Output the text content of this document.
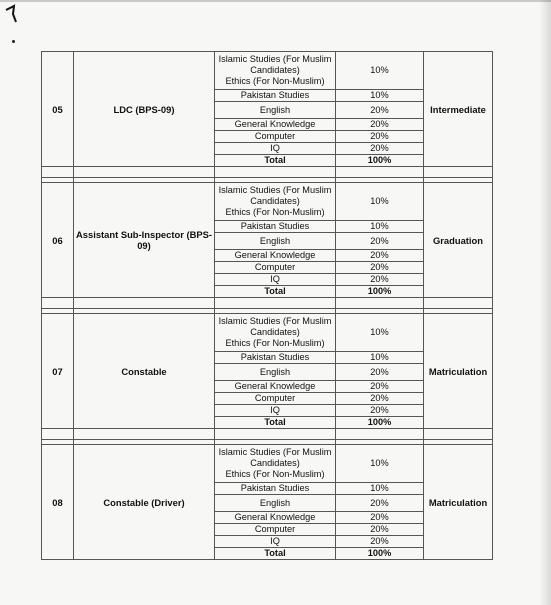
05	LDC (BPS-09)	Islamic Studies (For Muslim Candidates)
Ethics (For Non-Muslim)	10%	Intermediate
		Pakistan Studies	10%	
		English	20%	
		General Knowledge	20%	
		Computer	20%	
		IQ	20%	
		Total	100%	

06	Assistant Sub-Inspector (BPS-09)	Islamic Studies (For Muslim Candidates)
Ethics (For Non-Muslim)	10%	Graduation
		Pakistan Studies	10%	
		English	20%	
		General Knowledge	20%	
		Computer	20%	
		IQ	20%	
		Total	100%	

07	Constable	Islamic Studies (For Muslim Candidates)
Ethics (For Non-Muslim)	10%	Matriculation
		Pakistan Studies	10%	
		English	20%	
		General Knowledge	20%	
		Computer	20%	
		IQ	20%	
		Total	100%	

08	Constable (Driver)	Islamic Studies (For Muslim Candidates)
Ethics (For Non-Muslim)	10%	Matriculation
		Pakistan Studies	10%	
		English	20%	
		General Knowledge	20%	
		Computer	20%	
		IQ	20%	
		Total	100%	
